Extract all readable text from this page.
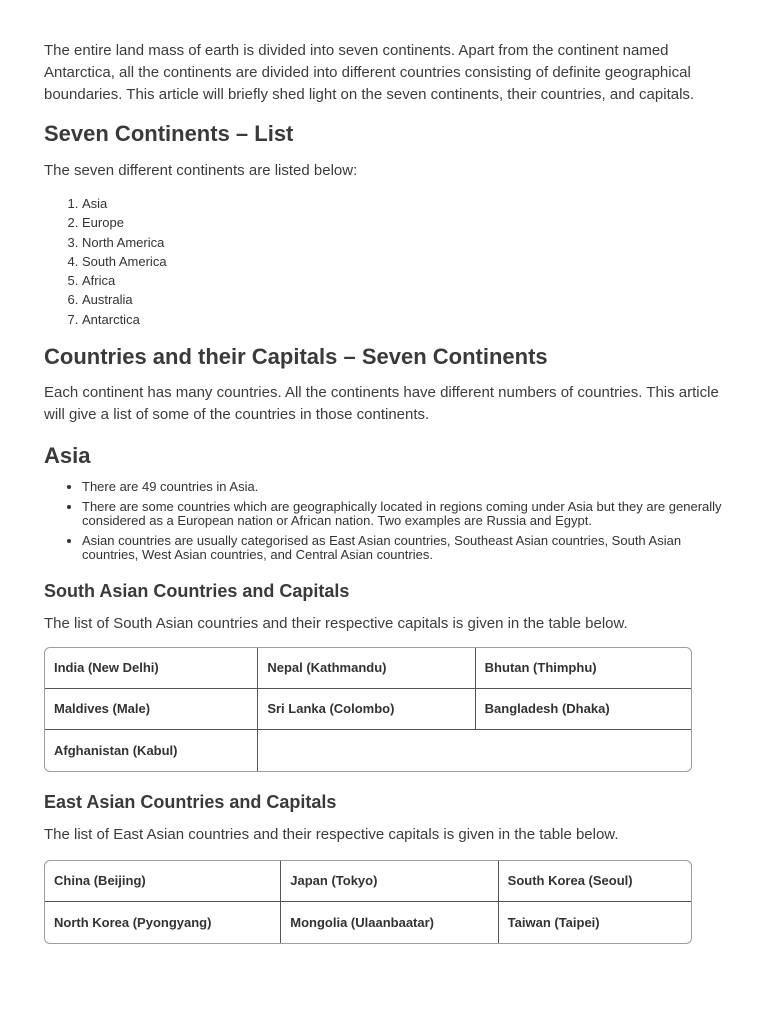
The entire land mass of earth is divided into seven continents. Apart from the continent named Antarctica, all the continents are divided into different countries consisting of definite geographical boundaries. This article will briefly shed light on the seven continents, their countries, and capitals.

Seven Continents – List

The seven different continents are listed below:

1. Asia
2. Europe
3. North America
4. South America
5. Africa
6. Australia
7. Antarctica
Countries and their Capitals – Seven Continents

Each continent has many countries. All the continents have different numbers of countries. This article will give a list of some of the countries in those continents.

Asia
• There are 49 countries in Asia.
• There are some countries which are geographically located in regions coming under Asia but they are generally considered as a European nation or African nation. Two examples are Russia and Egypt.
• Asian countries are usually categorised as East Asian countries, Southeast Asian countries, South Asian countries, West Asian countries, and Central Asian countries.
South Asian Countries and Capitals

The list of South Asian countries and their respective capitals is given in the table below.

India (New Delhi)	Nepal (Kathmandu)	Bhutan (Thimphu)
Maldives (Male)	Sri Lanka (Colombo)	Bangladesh (Dhaka)
Afghanistan (Kabul)		
East Asian Countries and Capitals

The list of East Asian countries and their respective capitals is given in the table below.

China (Beijing)	Japan (Tokyo)	South Korea (Seoul)
North Korea (Pyongyang)	Mongolia (Ulaanbaatar)	Taiwan (Taipei)
